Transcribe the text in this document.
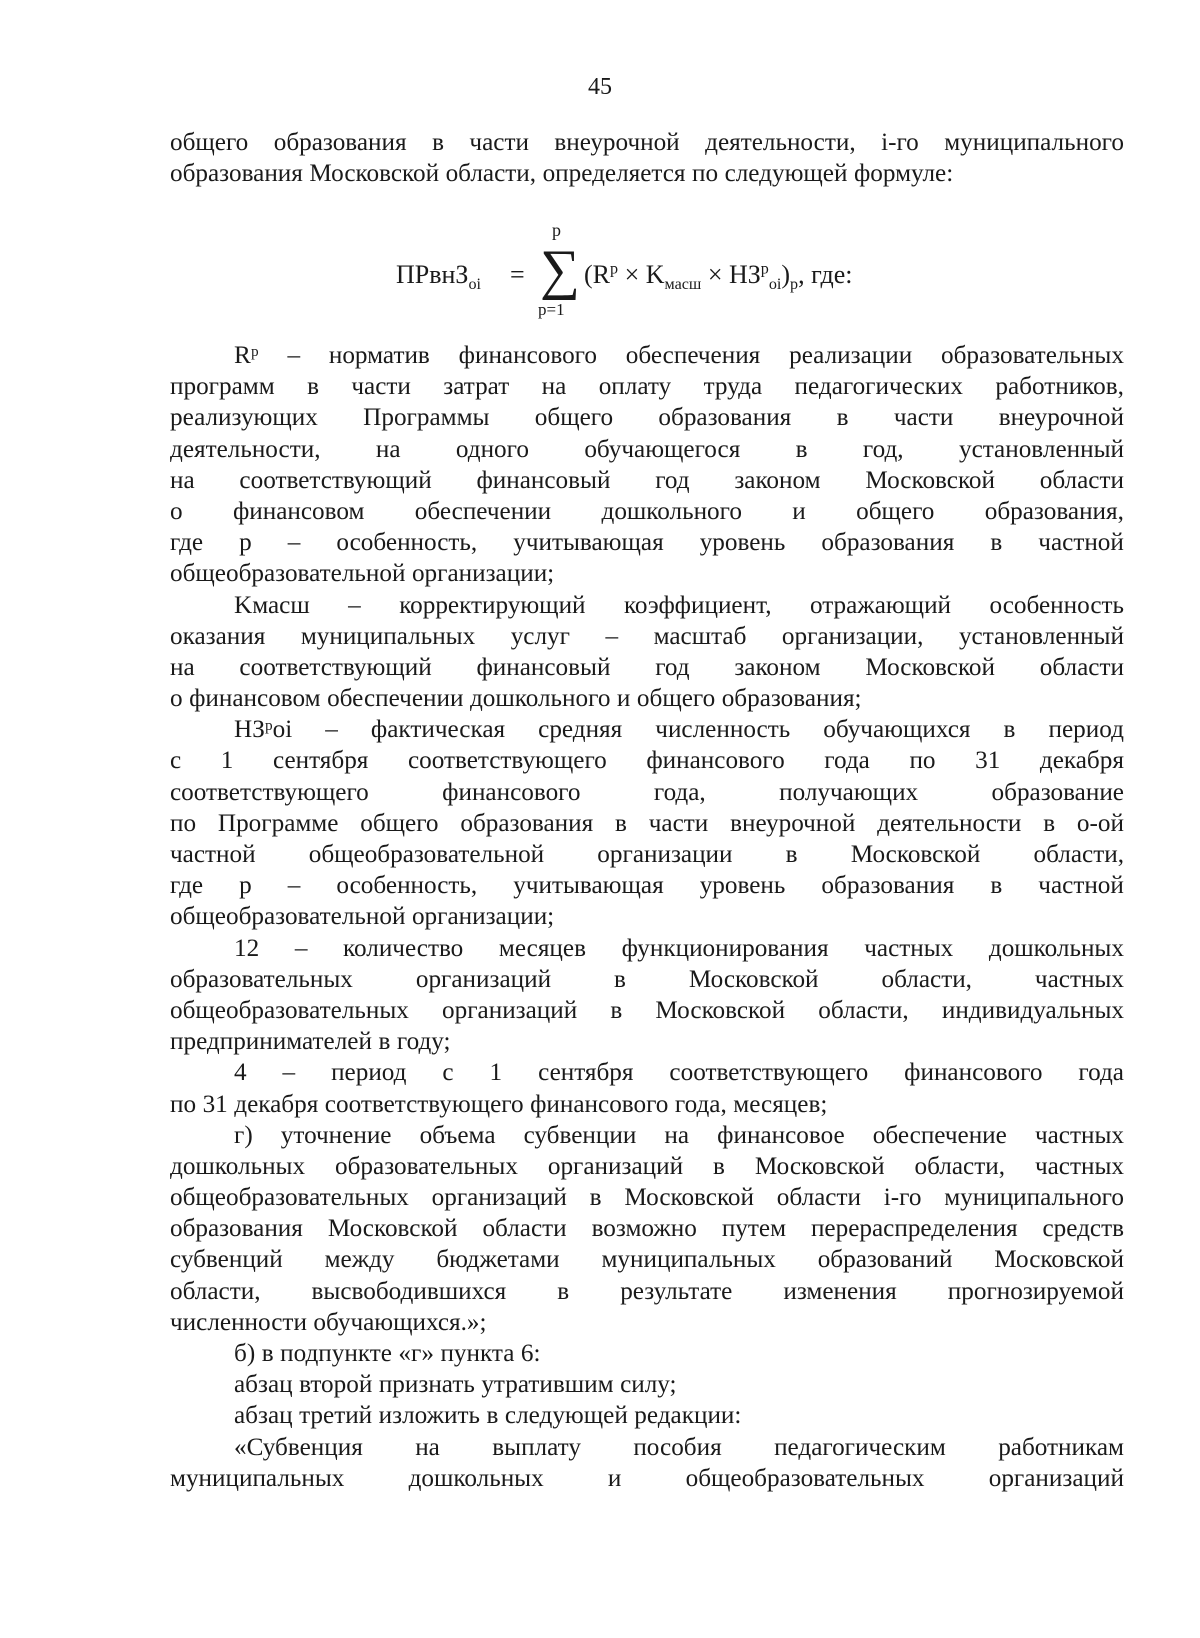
45
общего образования в части внеурочной деятельности, i-го муниципального
образования Московской области, определяется по следующей формуле:
ПРвнЗ$_{oi}$ =
p
∑
p=1
$(R^p \times K_{масш} \times НЗ^p_{oi})_p$, где:
Rᵖ – норматив финансового обеспечения реализации образовательных
программ в части затрат на оплату труда педагогических работников,
реализующих Программы общего образования в части внеурочной
деятельности, на одного обучающегося в год, установленный
на соответствующий финансовый год законом Московской области
о финансовом обеспечении дошкольного и общего образования,
где p – особенность, учитывающая уровень образования в частной
общеобразовательной организации;
Kмасш – корректирующий коэффициент, отражающий особенность
оказания муниципальных услуг – масштаб организации, установленный
на соответствующий финансовый год законом Московской области
о финансовом обеспечении дошкольного и общего образования;
НЗᵖoi – фактическая средняя численность обучающихся в период
с 1 сентября соответствующего финансового года по 31 декабря
соответствующего	финансового	года,	получающих	образование
по Программе общего образования в части внеурочной деятельности в о-ой
частной общеобразовательной организации в Московской области,
где p – особенность, учитывающая уровень образования в частной
общеобразовательной организации;
12 – количество месяцев функционирования частных дошкольных
образовательных организаций в Московской области, частных
общеобразовательных организаций в Московской области, индивидуальных
предпринимателей в году;
4 – период с 1 сентября соответствующего финансового года
по 31 декабря соответствующего финансового года, месяцев;
г) уточнение объема субвенции на финансовое обеспечение частных
дошкольных образовательных организаций в Московской области, частных
общеобразовательных организаций в Московской области i-го муниципального
образования Московской области возможно путем перераспределения средств
субвенций между бюджетами муниципальных образований Московской
области, высвободившихся в результате изменения прогнозируемой
численности обучающихся.»;
б) в подпункте «г» пункта 6:
абзац второй признать утратившим силу;
абзац третий изложить в следующей редакции:
«Субвенция на выплату пособия педагогическим работникам
муниципальных	дошкольных	и	общеобразовательных	организаций
